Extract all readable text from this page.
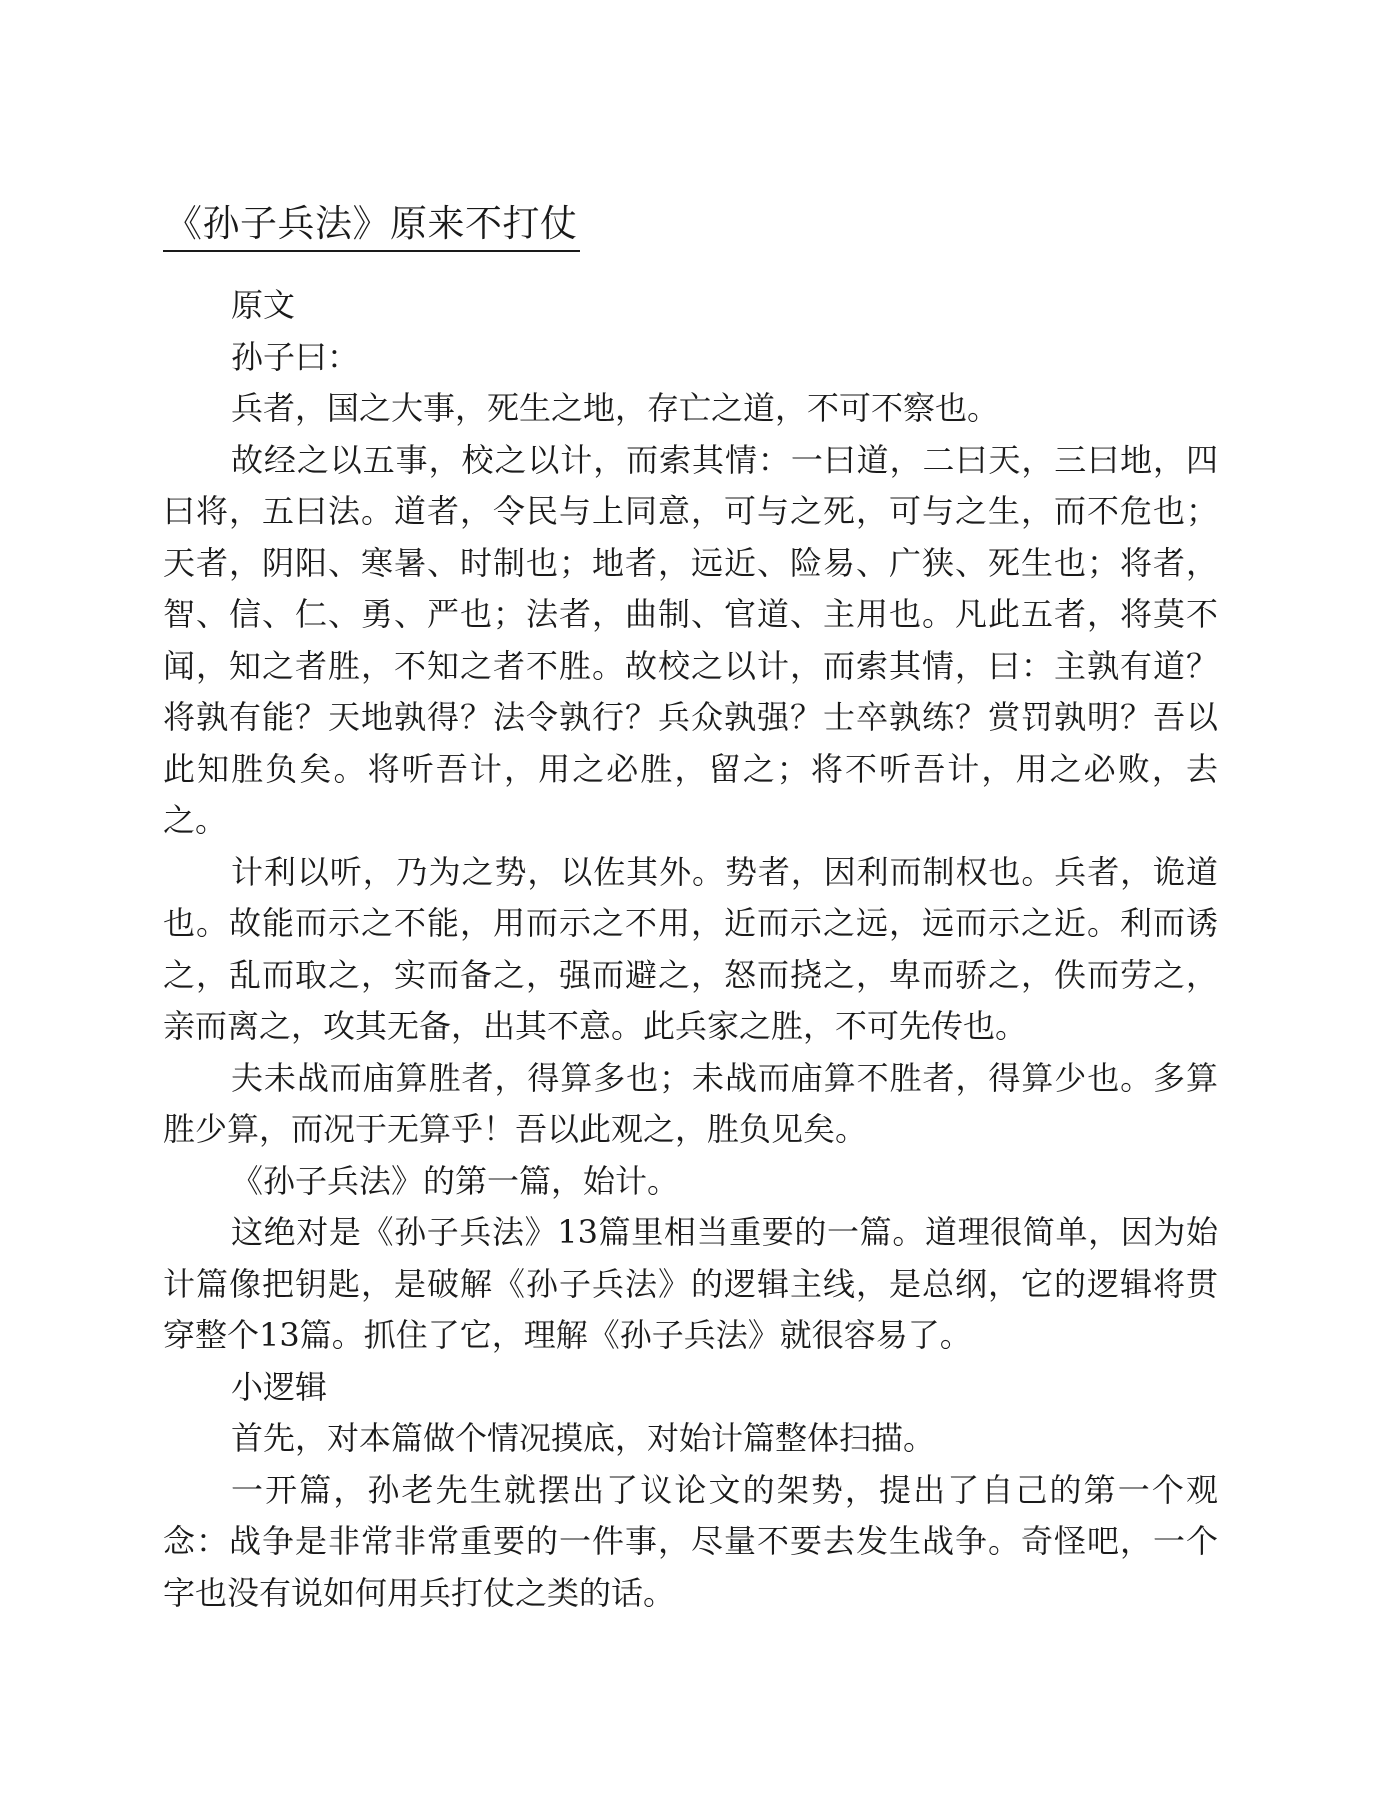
《孙子兵法》原来不打仗

原文

孙子曰：

兵者，国之大事，死生之地，存亡之道，不可不察也。

故经之以五事，校之以计，而索其情：一曰道，二曰天，三曰地，四曰将，五曰法。道者，令民与上同意，可与之死，可与之生，而不危也；天者，阴阳、寒暑、时制也；地者，远近、险易、广狭、死生也；将者，智、信、仁、勇、严也；法者，曲制、官道、主用也。凡此五者，将莫不闻，知之者胜，不知之者不胜。故校之以计，而索其情，曰：主孰有道？将孰有能？天地孰得？法令孰行？兵众孰强？士卒孰练？赏罚孰明？吾以此知胜负矣。将听吾计，用之必胜，留之；将不听吾计，用之必败，去之。

计利以听，乃为之势，以佐其外。势者，因利而制权也。兵者，诡道也。故能而示之不能，用而示之不用，近而示之远，远而示之近。利而诱之，乱而取之，实而备之，强而避之，怒而挠之，卑而骄之，佚而劳之，亲而离之，攻其无备，出其不意。此兵家之胜，不可先传也。

夫未战而庙算胜者，得算多也；未战而庙算不胜者，得算少也。多算胜少算，而况于无算乎！吾以此观之，胜负见矣。

《孙子兵法》的第一篇，始计。

这绝对是《孙子兵法》13篇里相当重要的一篇。道理很简单，因为始计篇像把钥匙，是破解《孙子兵法》的逻辑主线，是总纲，它的逻辑将贯穿整个13篇。抓住了它，理解《孙子兵法》就很容易了。

小逻辑

首先，对本篇做个情况摸底，对始计篇整体扫描。

一开篇，孙老先生就摆出了议论文的架势，提出了自己的第一个观念：战争是非常非常重要的一件事，尽量不要去发生战争。奇怪吧，一个字也没有说如何用兵打仗之类的话。
